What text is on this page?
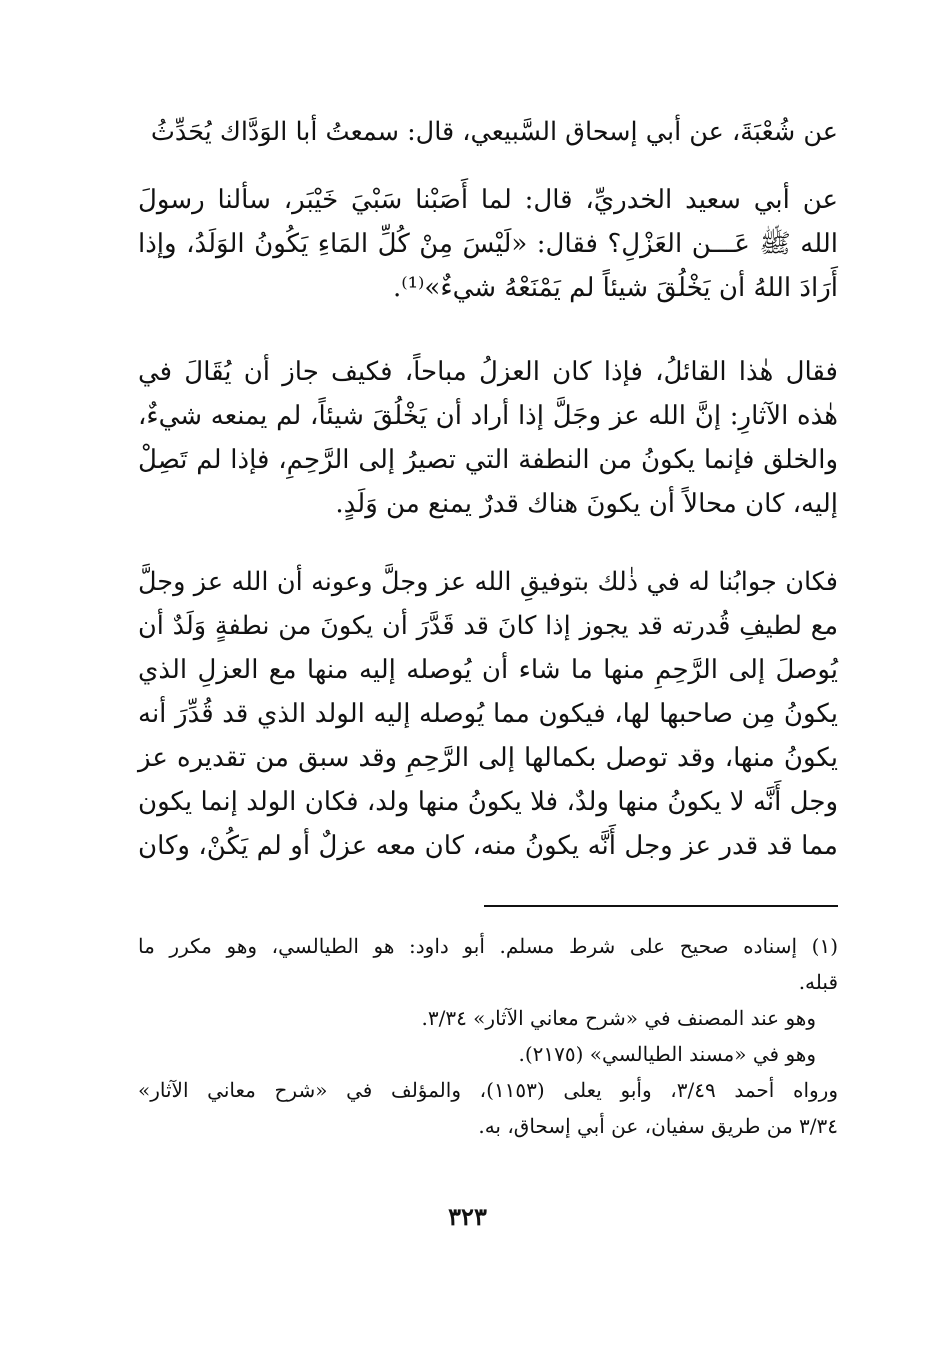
عن شُعْبَةَ، عن أبي إسحاق السَّبيعي، قال: سمعتُ أبا الوَدَّاك يُحَدِّثُ
عن أبي سعيد الخدريِّ، قال: لما أَصَبْنا سَبْيَ خَيْبَر، سألنا رسولَ
الله ﷺ عَـــن العَزْلِ؟ فقال: «لَيْسَ مِنْ كُلِّ المَاءِ يَكُونُ الوَلَدُ، وإذا
أَرَادَ اللهُ أن يَخْلُقَ شيئاً لم يَمْنَعْهُ شيءٌ»⁽¹⁾.
فقال هٰذا القائلُ، فإذا كان العزلُ مباحاً، فكيف جاز أن يُقَالَ في
هٰذه الآثارِ: إنَّ الله عز وجَلَّ إذا أراد أن يَخْلُقَ شيئاً، لم يمنعه شيءٌ،
والخلق فإنما يكونُ من النطفة التي تصيرُ إلى الرَّحِمِ، فإذا لم تَصِلْ
إليه، كان محالاً أن يكونَ هناك قدرٌ يمنع من وَلَدٍ.
فكان جوابُنا له في ذٰلك بتوفيقِ الله عز وجلَّ وعونه أن الله عز وجلَّ
مع لطيفِ قُدرته قد يجوز إذا كانَ قد قَدَّرَ أن يكونَ من نطفةٍ وَلَدٌ أن
يُوصلَ إلى الرَّحِمِ منها ما شاء أن يُوصله إليه منها مع العزلِ الذي
يكونُ مِن صاحبها لها، فيكون مما يُوصله إليه الولد الذي قد قُدِّرَ أنه
يكونُ منها، وقد توصل بكمالها إلى الرَّحِمِ وقد سبق من تقديره عز
وجل أَنَّه لا يكونُ منها ولدٌ، فلا يكونُ منها ولد، فكان الولد إنما يكون
مما قد قدر عز وجل أَنَّه يكونُ منه، كان معه عزلٌ أو لم يَكُنْ، وكان
(١) إسناده صحيح على شرط مسلم. أبو داود: هو الطيالسي، وهو مكرر ما
قبله.
وهو عند المصنف في «شرح معاني الآثار» ٣/٣٤.
وهو في «مسند الطيالسي» (٢١٧٥).
ورواه أحمد ٣/٤٩، وأبو يعلى (١١٥٣)، والمؤلف في «شرح معاني الآثار»
٣/٣٤ من طريق سفيان، عن أبي إسحاق، به.
٣٢٣
